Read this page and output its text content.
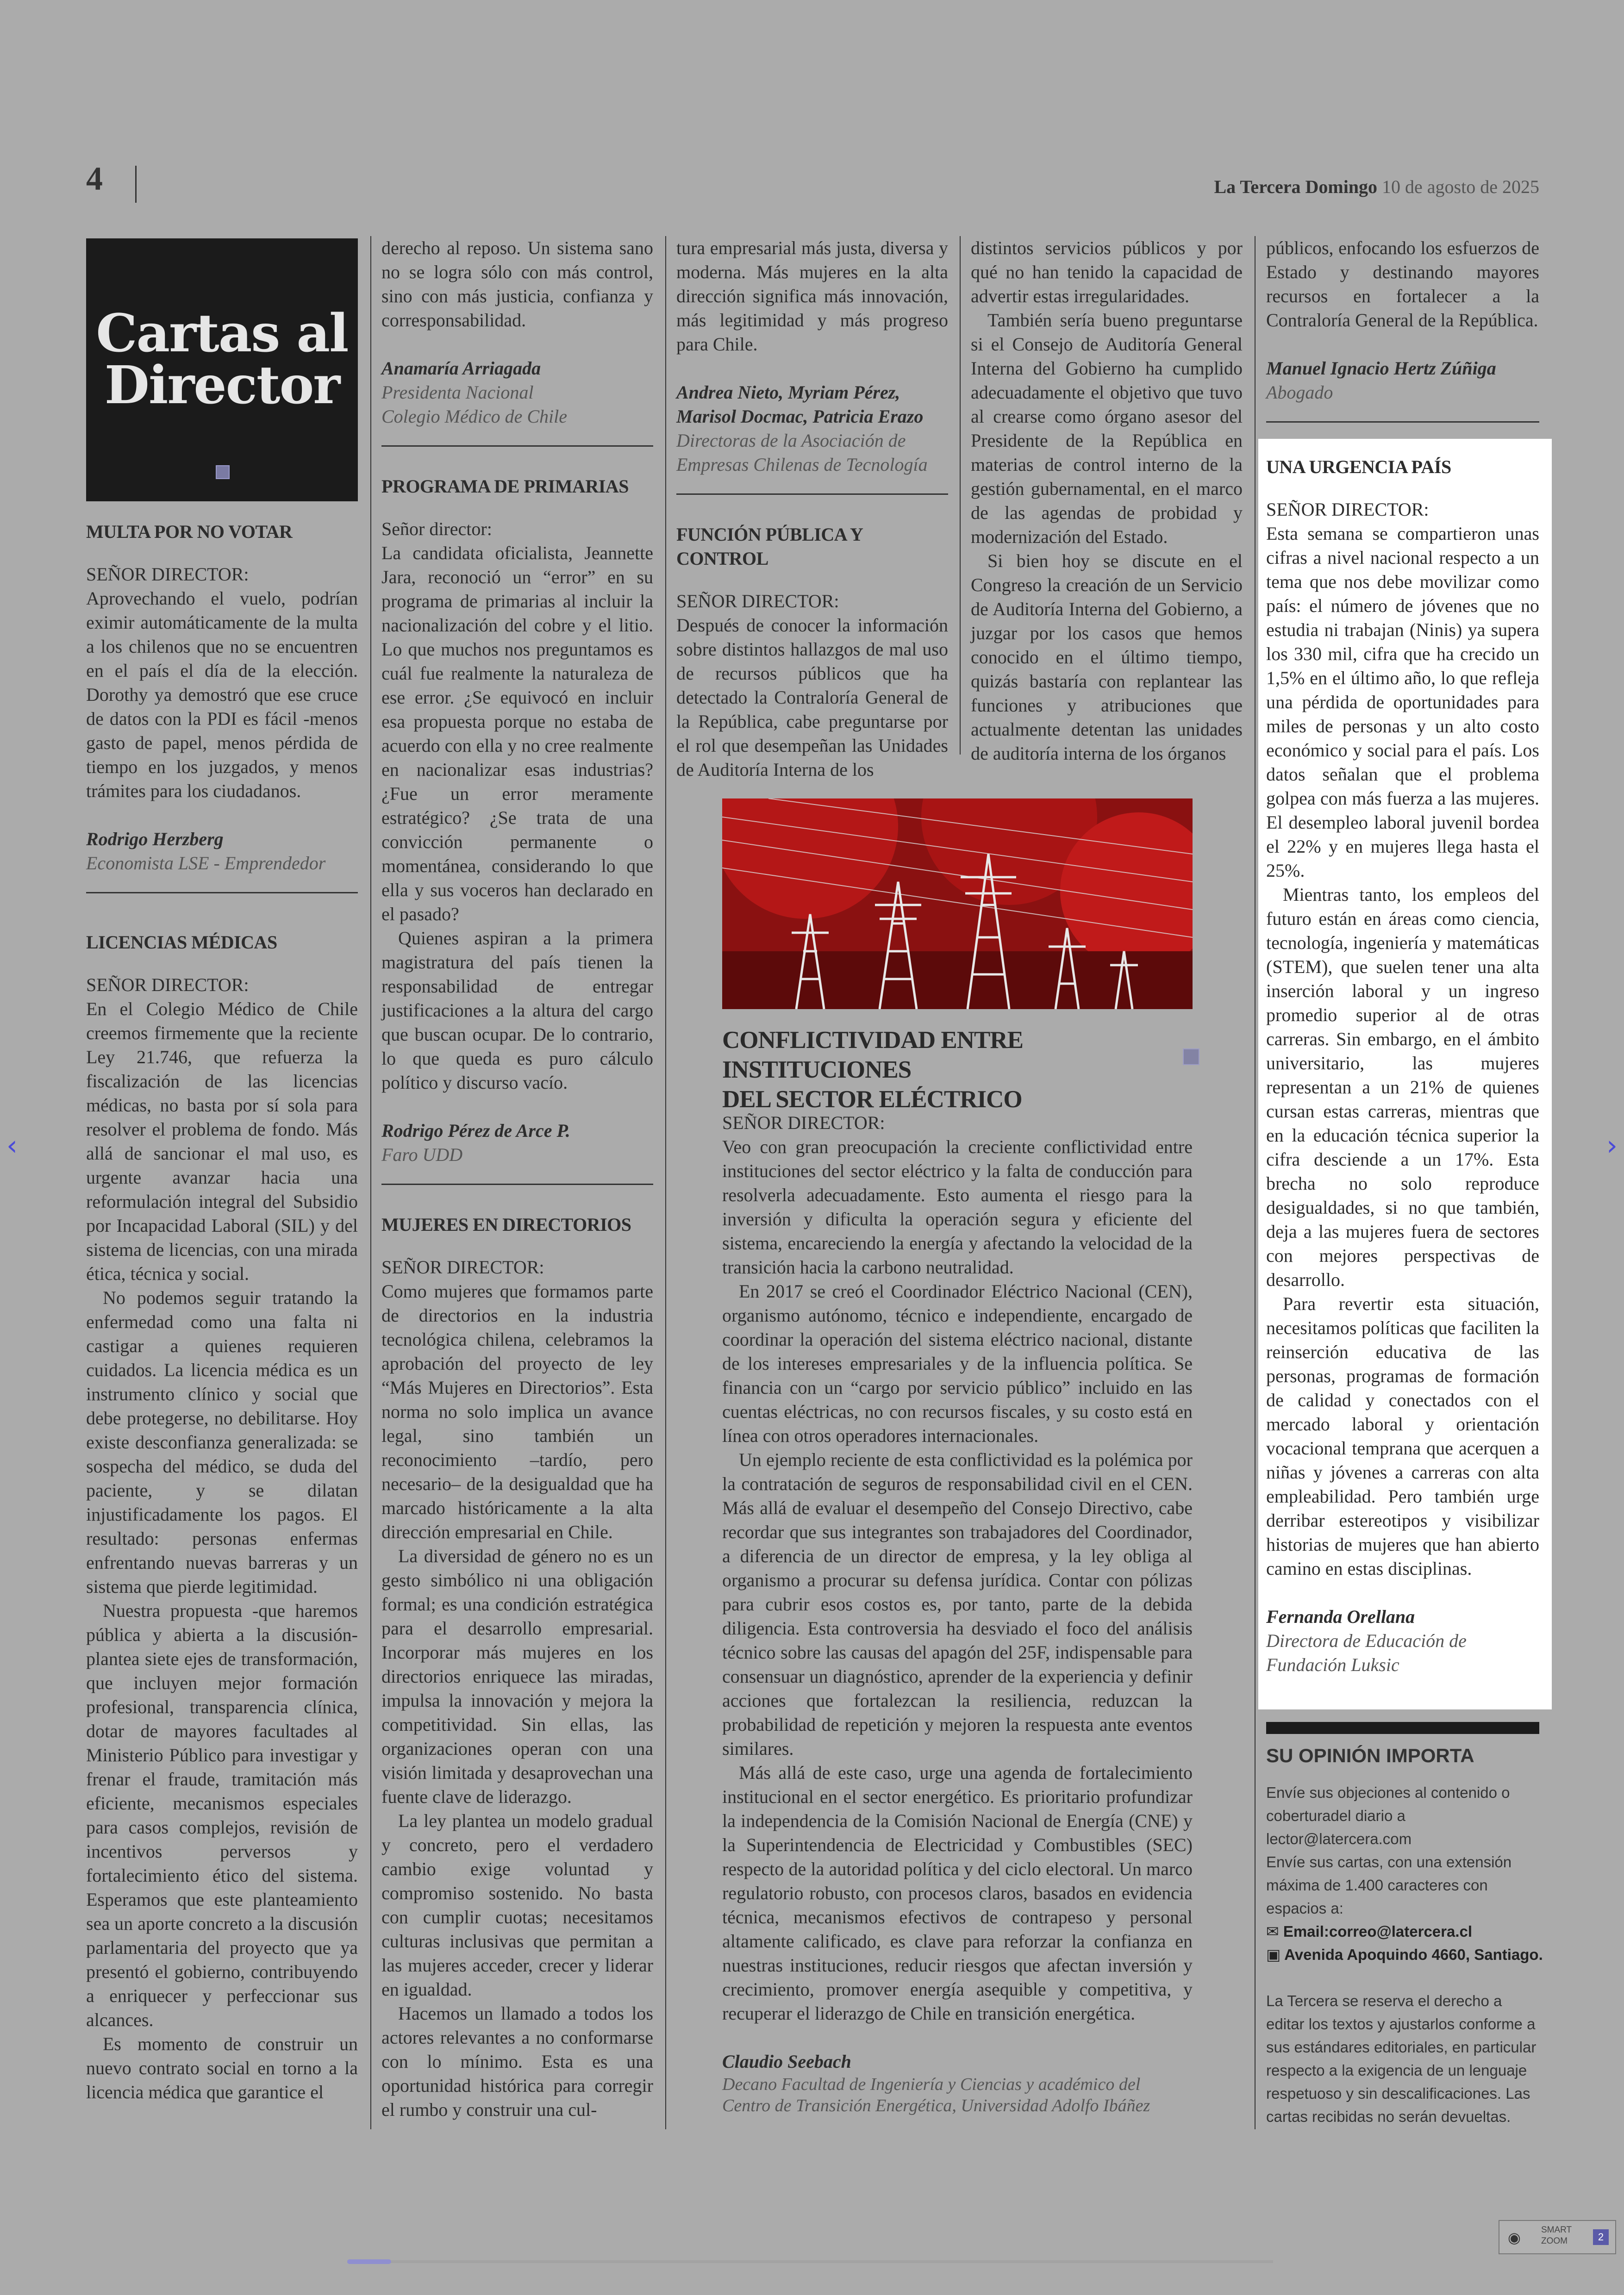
4	La Tercera Domingo 10 de agosto de 2025
Cartas al Director
MULTA POR NO VOTAR

SEÑOR DIRECTOR:

Aprovechando el vuelo, podrían eximir automáticamente de la multa a los chilenos que no se encuentren en el país el día de la elección. Dorothy ya demostró que ese cruce de datos con la PDI es fácil -menos gasto de papel, menos pérdida de tiempo en los juzgados, y menos trámites para los ciudadanos.

Rodrigo Herzberg
Economista LSE - Emprendedor
LICENCIAS MÉDICAS

SEÑOR DIRECTOR:

En el Colegio Médico de Chile creemos firmemente que la reciente Ley 21.746, que refuerza la fiscalización de las licencias médicas, no basta por sí sola para resolver el problema de fondo. Más allá de sancionar el mal uso, es urgente avanzar hacia una reformulación integral del Subsidio por Incapacidad Laboral (SIL) y del sistema de licencias, con una mirada ética, técnica y social.

No podemos seguir tratando la enfermedad como una falta ni castigar a quienes requieren cuidados. La licencia médica es un instrumento clínico y social que debe protegerse, no debilitarse. Hoy existe desconfianza generalizada: se sospecha del médico, se duda del paciente, y se dilatan injustificadamente los pagos. El resultado: personas enfermas enfrentando nuevas barreras y un sistema que pierde legitimidad.

Nuestra propuesta -que haremos pública y abierta a la discusión- plantea siete ejes de transformación, que incluyen mejor formación profesional, transparencia clínica, dotar de mayores facultades al Ministerio Público para investigar y frenar el fraude, tramitación más eficiente, mecanismos especiales para casos complejos, revisión de incentivos perversos y fortalecimiento ético del sistema. Esperamos que este planteamiento sea un aporte concreto a la discusión parlamentaria del proyecto que ya presentó el gobierno, contribuyendo a enriquecer y perfeccionar sus alcances.

Es momento de construir un nuevo contrato social en torno a la licencia médica que garantice el

derecho al reposo. Un sistema sano no se logra sólo con más control, sino con más justicia, confianza y corresponsabilidad.

Anamaría Arriagada
Presidenta Nacional
Colegio Médico de Chile
PROGRAMA DE PRIMARIAS

Señor director:

La candidata oficialista, Jeannette Jara, reconoció un “error” en su programa de primarias al incluir la nacionalización del cobre y el litio. Lo que muchos nos preguntamos es cuál fue realmente la naturaleza de ese error. ¿Se equivocó en incluir esa propuesta porque no estaba de acuerdo con ella y no cree realmente en nacionalizar esas industrias? ¿Fue un error meramente estratégico? ¿Se trata de una convicción permanente o momentánea, considerando lo que ella y sus voceros han declarado en el pasado?

Quienes aspiran a la primera magistratura del país tienen la responsabilidad de entregar justificaciones a la altura del cargo que buscan ocupar. De lo contrario, lo que queda es puro cálculo político y discurso vacío.

Rodrigo Pérez de Arce P.
Faro UDD
MUJERES EN DIRECTORIOS

SEÑOR DIRECTOR:

Como mujeres que formamos parte de directorios en la industria tecnológica chilena, celebramos la aprobación del proyecto de ley “Más Mujeres en Directorios”. Esta norma no solo implica un avance legal, sino también un reconocimiento –tardío, pero necesario– de la desigualdad que ha marcado históricamente a la alta dirección empresarial en Chile.

La diversidad de género no es un gesto simbólico ni una obligación formal; es una condición estratégica para el desarrollo empresarial. Incorporar más mujeres en los directorios enriquece las miradas, impulsa la innovación y mejora la competitividad. Sin ellas, las organizaciones operan con una visión limitada y desaprovechan una fuente clave de liderazgo.

La ley plantea un modelo gradual y concreto, pero el verdadero cambio exige voluntad y compromiso sostenido. No basta con cumplir cuotas; necesitamos culturas inclusivas que permitan a las mujeres acceder, crecer y liderar en igualdad.

Hacemos un llamado a todos los actores relevantes a no conformarse con lo mínimo. Esta es una oportunidad histórica para corregir el rumbo y construir una cul-

tura empresarial más justa, diversa y moderna. Más mujeres en la alta dirección significa más innovación, más legitimidad y más progreso para Chile.

Andrea Nieto, Myriam Pérez,
Marisol Docmac, Patricia Erazo
Directoras de la Asociación de
Empresas Chilenas de Tecnología
FUNCIÓN PÚBLICA Y CONTROL

SEÑOR DIRECTOR:

Después de conocer la información sobre distintos hallazgos de mal uso de recursos públicos que ha detectado la Contraloría General de la República, cabe preguntarse por el rol que desempeñan las Unidades de Auditoría Interna de los

distintos servicios públicos y por qué no han tenido la capacidad de advertir estas irregularidades.

También sería bueno preguntarse si el Consejo de Auditoría General Interna del Gobierno ha cumplido adecuadamente el objetivo que tuvo al crearse como órgano asesor del Presidente de la República en materias de control interno de la gestión gubernamental, en el marco de las agendas de probidad y modernización del Estado.

Si bien hoy se discute en el Congreso la creación de un Servicio de Auditoría Interna del Gobierno, a juzgar por los casos que hemos conocido en el último tiempo, quizás bastaría con replantear las funciones y atribuciones que actualmente detentan las unidades de auditoría interna de los órganos

públicos, enfocando los esfuerzos de Estado y destinando mayores recursos en fortalecer a la Contraloría General de la República.

Manuel Ignacio Hertz Zúñiga
Abogado
UNA URGENCIA PAÍS

SEÑOR DIRECTOR:

Esta semana se compartieron unas cifras a nivel nacional respecto a un tema que nos debe movilizar como país: el número de jóvenes que no estudia ni trabajan (Ninis) ya supera los 330 mil, cifra que ha crecido un 1,5% en el último año, lo que refleja una pérdida de oportunidades para miles de personas y un alto costo económico y social para el país. Los datos señalan que el problema golpea con más fuerza a las mujeres. El desempleo laboral juvenil bordea el 22% y en mujeres llega hasta el 25%.

Mientras tanto, los empleos del futuro están en áreas como ciencia, tecnología, ingeniería y matemáticas (STEM), que suelen tener una alta inserción laboral y un ingreso promedio superior al de otras carreras. Sin embargo, en el ámbito universitario, las mujeres representan a un 21% de quienes cursan estas carreras, mientras que en la educación técnica superior la cifra desciende a un 17%. Esta brecha no solo reproduce desigualdades, si no que también, deja a las mujeres fuera de sectores con mejores perspectivas de desarrollo.

Para revertir esta situación, necesitamos políticas que faciliten la reinserción educativa de las personas, programas de formación de calidad y conectados con el mercado laboral y orientación vocacional temprana que acerquen a niñas y jóvenes a carreras con alta empleabilidad. Pero también urge derribar estereotipos y visibilizar historias de mujeres que han abierto camino en estas disciplinas.

Fernanda Orellana
Directora de Educación de
Fundación Luksic
CONFLICTIVIDAD ENTRE INSTITUCIONES
DEL SECTOR ELÉCTRICO

SEÑOR DIRECTOR:

Veo con gran preocupación la creciente conflictividad entre instituciones del sector eléctrico y la falta de conducción para resolverla adecuadamente. Esto aumenta el riesgo para la inversión y dificulta la operación segura y eficiente del sistema, encareciendo la energía y afectando la velocidad de la transición hacia la carbono neutralidad.

En 2017 se creó el Coordinador Eléctrico Nacional (CEN), organismo autónomo, técnico e independiente, encargado de coordinar la operación del sistema eléctrico nacional, distante de los intereses empresariales y de la influencia política. Se financia con un “cargo por servicio público” incluido en las cuentas eléctricas, no con recursos fiscales, y su costo está en línea con otros operadores internacionales.

Un ejemplo reciente de esta conflictividad es la polémica por la contratación de seguros de responsabilidad civil en el CEN. Más allá de evaluar el desempeño del Consejo Directivo, cabe recordar que sus integrantes son trabajadores del Coordinador, a diferencia de un director de empresa, y la ley obliga al organismo a procurar su defensa jurídica. Contar con pólizas para cubrir esos costos es, por tanto, parte de la debida diligencia. Esta controversia ha desviado el foco del análisis técnico sobre las causas del apagón del 25F, indispensable para consensuar un diagnóstico, aprender de la experiencia y definir acciones que fortalezcan la resiliencia, reduzcan la probabilidad de repetición y mejoren la respuesta ante eventos similares.

Más allá de este caso, urge una agenda de fortalecimiento institucional en el sector energético. Es prioritario profundizar la independencia de la Comisión Nacional de Energía (CNE) y la Superintendencia de Electricidad y Combustibles (SEC) respecto de la autoridad política y del ciclo electoral. Un marco regulatorio robusto, con procesos claros, basados en evidencia técnica, mecanismos efectivos de contrapeso y personal altamente calificado, es clave para reforzar la confianza en nuestras instituciones, reducir riesgos que afectan inversión y crecimiento, promover energía asequible y competitiva, y recuperar el liderazgo de Chile en transición energética.

Claudio Seebach
Decano Facultad de Ingeniería y Ciencias y académico del
Centro de Transición Energética, Universidad Adolfo Ibáñez
SU OPINIÓN IMPORTA
Envíe sus objeciones al contenido o coberturadel diario a lector@latercera.com
Envíe sus cartas, con una extensión máxima de 1.400 caracteres con espacios a:
✉ Email:correo@latercera.cl
▣ Avenida Apoquindo 4660, Santiago.
La Tercera se reserva el derecho a editar los textos y ajustarlos conforme a sus estándares editoriales, en particular respecto a la exigencia de un lenguaje respetuoso y sin descalificaciones. Las cartas recibidas no serán devueltas.
‹	›
◉ SMART
ZOOM	2
